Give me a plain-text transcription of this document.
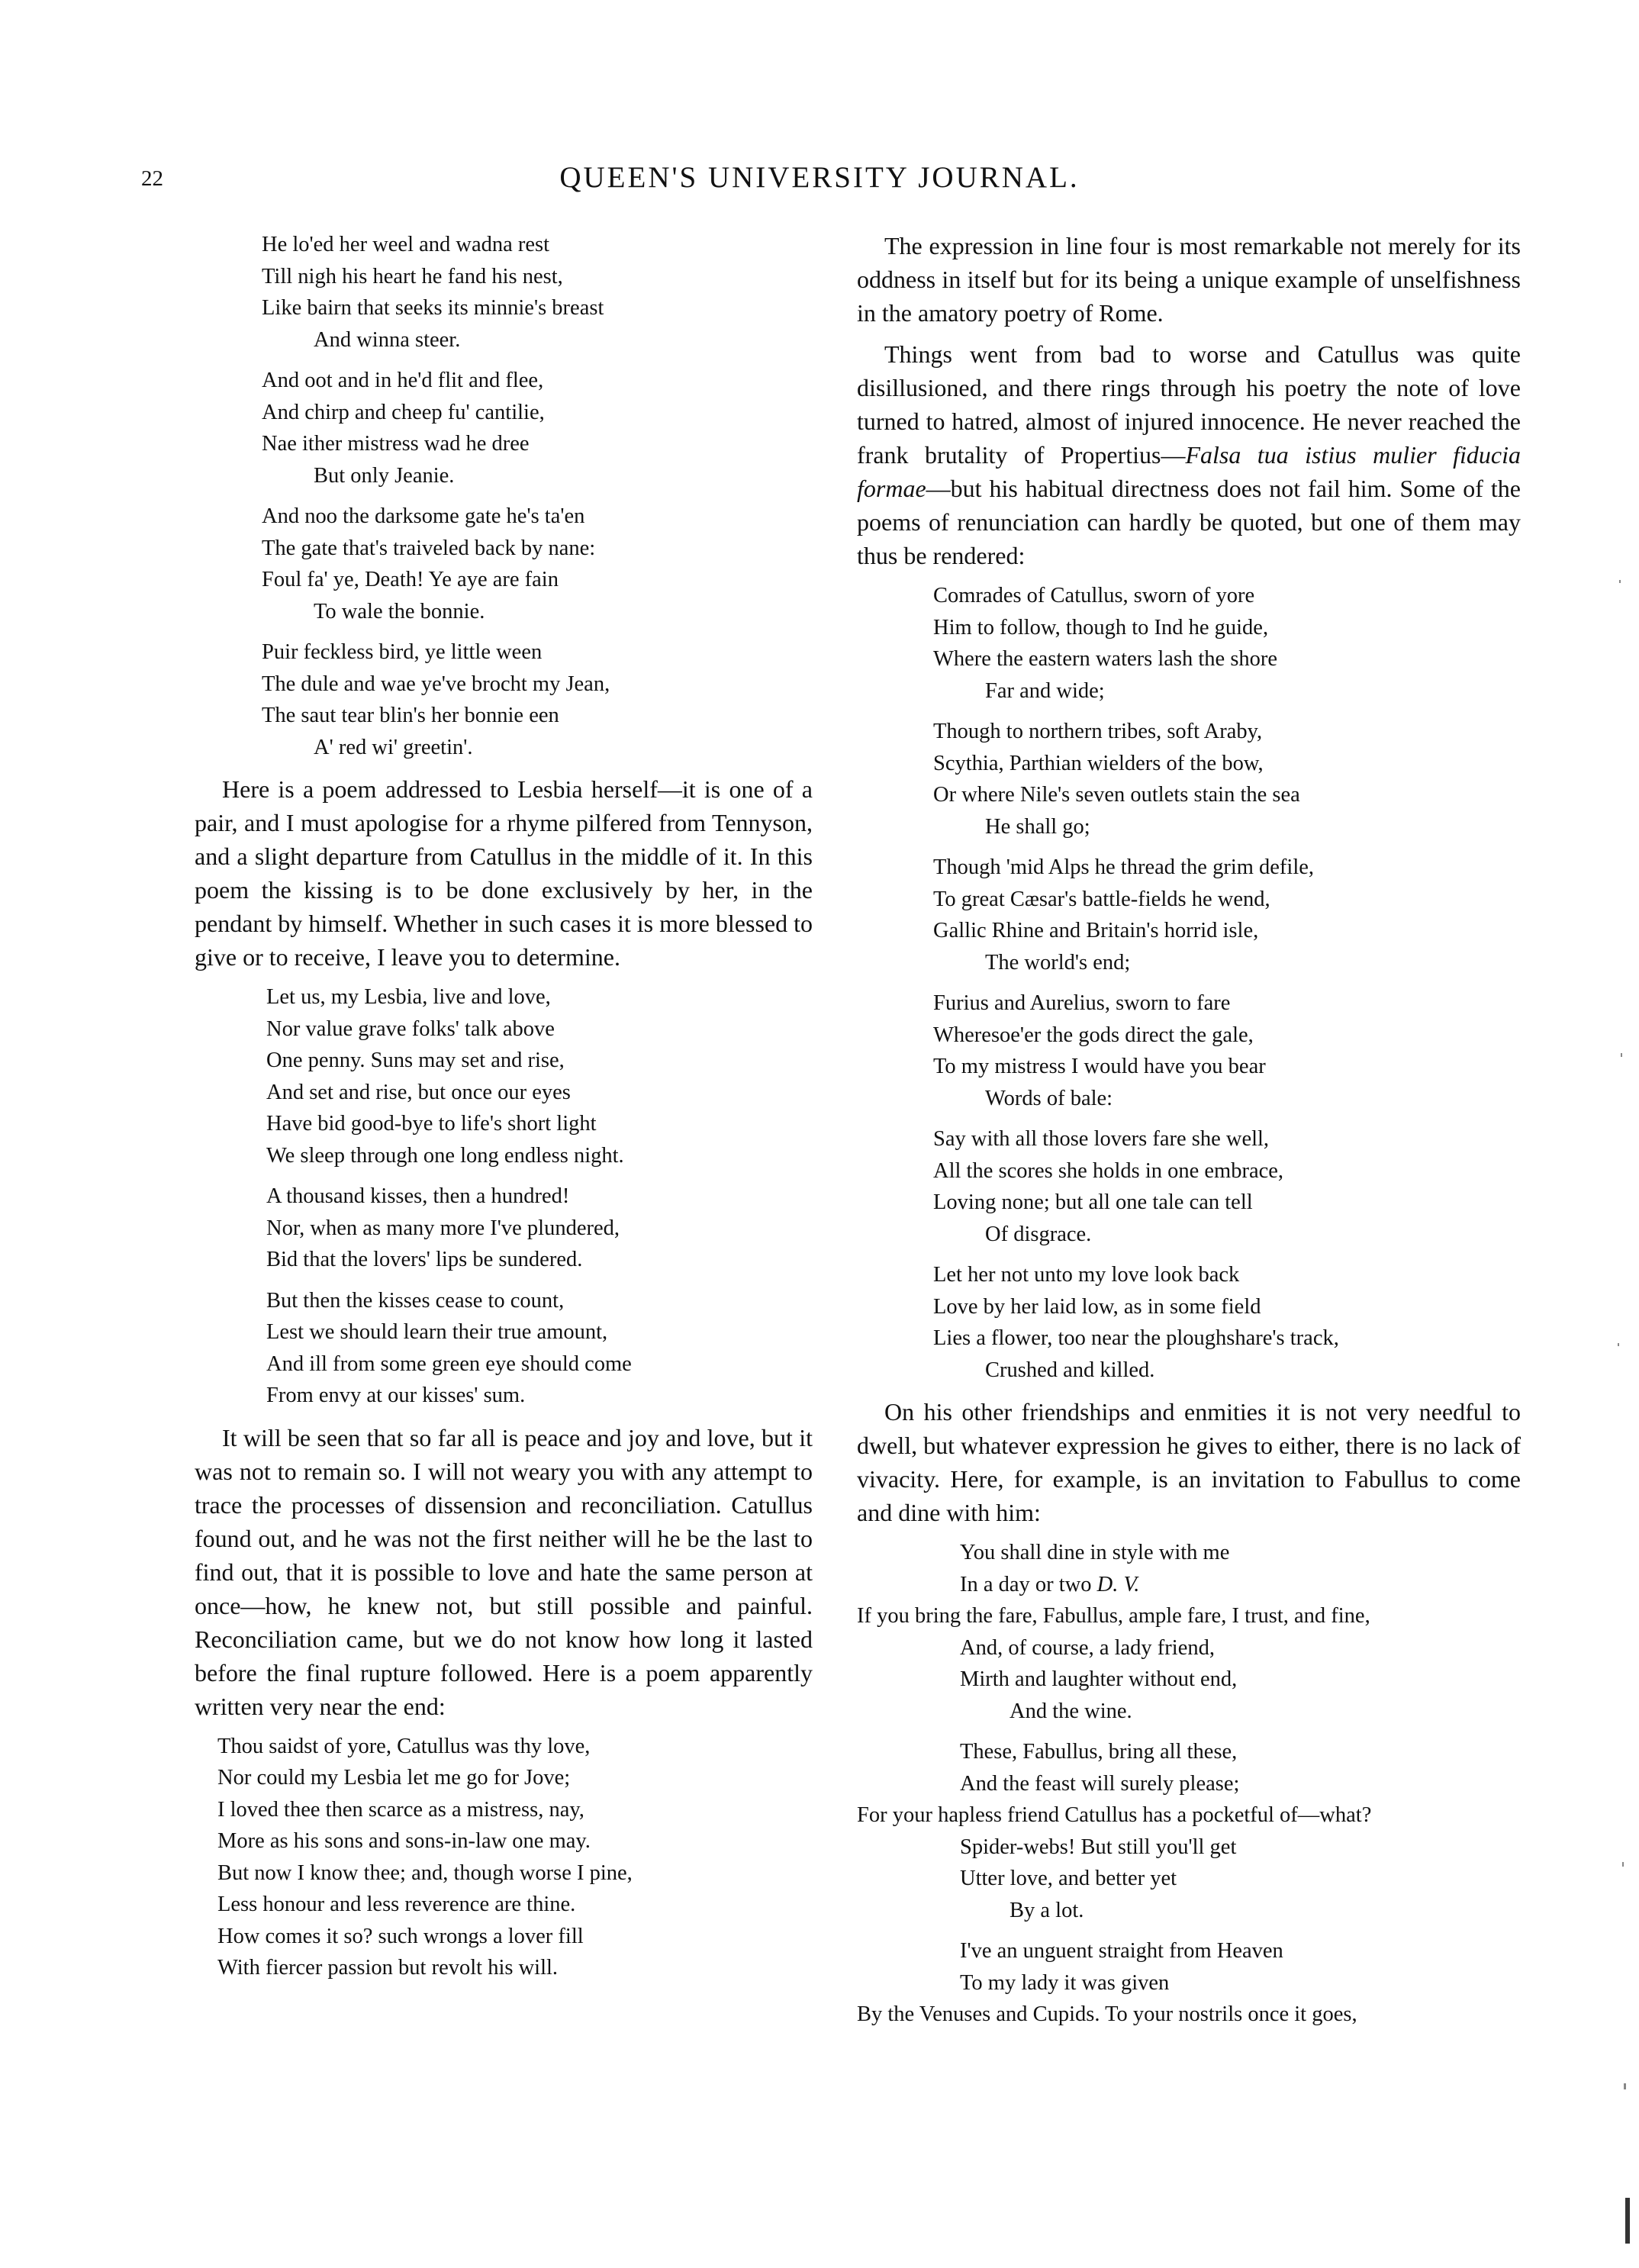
22	QUEEN'S UNIVERSITY JOURNAL.
He lo'ed her weel and wadna rest
Till nigh his heart he fand his nest,
Like bairn that seeks its minnie's breast
And winna steer.
And oot and in he'd flit and flee,
And chirp and cheep fu' cantilie,
Nae ither mistress wad he dree
But only Jeanie.
And noo the darksome gate he's ta'en
The gate that's traiveled back by nane:
Foul fa' ye, Death! Ye aye are fain
To wale the bonnie.
Puir feckless bird, ye little ween
The dule and wae ye've brocht my Jean,
The saut tear blin's her bonnie een
A' red wi' greetin'.

Here is a poem addressed to Lesbia herself—it is one of a pair, and I must apologise for a rhyme pilfered from Tennyson, and a slight departure from Catullus in the middle of it. In this poem the kissing is to be done exclusively by her, in the pendant by himself. Whether in such cases it is more blessed to give or to receive, I leave you to determine.

Let us, my Lesbia, live and love,
Nor value grave folks' talk above
One penny. Suns may set and rise,
And set and rise, but once our eyes
Have bid good-bye to life's short light
We sleep through one long endless night.
A thousand kisses, then a hundred!
Nor, when as many more I've plundered,
Bid that the lovers' lips be sundered.
But then the kisses cease to count,
Lest we should learn their true amount,
And ill from some green eye should come
From envy at our kisses' sum.

It will be seen that so far all is peace and joy and love, but it was not to remain so. I will not weary you with any attempt to trace the processes of dissension and reconciliation. Catullus found out, and he was not the first neither will he be the last to find out, that it is possible to love and hate the same person at once—how, he knew not, but still possible and painful. Reconciliation came, but we do not know how long it lasted before the final rupture followed. Here is a poem apparently written very near the end:

Thou saidst of yore, Catullus was thy love,
Nor could my Lesbia let me go for Jove;
I loved thee then scarce as a mistress, nay,
More as his sons and sons-in-law one may.
But now I know thee; and, though worse I pine,
Less honour and less reverence are thine.
How comes it so? such wrongs a lover fill
With fiercer passion but revolt his will.

The expression in line four is most remarkable not merely for its oddness in itself but for its being a unique example of unselfishness in the amatory poetry of Rome.

Things went from bad to worse and Catullus was quite disillusioned, and there rings through his poetry the note of love turned to hatred, almost of injured innocence. He never reached the frank brutality of Propertius—Falsa tua istius mulier fiducia formae—but his habitual directness does not fail him. Some of the poems of renunciation can hardly be quoted, but one of them may thus be rendered:

Comrades of Catullus, sworn of yore
Him to follow, though to Ind he guide,
Where the eastern waters lash the shore
Far and wide;
Though to northern tribes, soft Araby,
Scythia, Parthian wielders of the bow,
Or where Nile's seven outlets stain the sea
He shall go;
Though 'mid Alps he thread the grim defile,
To great Cæsar's battle-fields he wend,
Gallic Rhine and Britain's horrid isle,
The world's end;
Furius and Aurelius, sworn to fare
Wheresoe'er the gods direct the gale,
To my mistress I would have you bear
Words of bale:
Say with all those lovers fare she well,
All the scores she holds in one embrace,
Loving none; but all one tale can tell
Of disgrace.
Let her not unto my love look back
Love by her laid low, as in some field
Lies a flower, too near the ploughshare's track,
Crushed and killed.

On his other friendships and enmities it is not very needful to dwell, but whatever expression he gives to either, there is no lack of vivacity. Here, for example, is an invitation to Fabullus to come and dine with him:

You shall dine in style with me
In a day or two D. V.
If you bring the fare, Fabullus, ample fare, I trust, and fine,
And, of course, a lady friend,
Mirth and laughter without end,
And the wine.
These, Fabullus, bring all these,
And the feast will surely please;
For your hapless friend Catullus has a pocketful of—what?
Spider-webs! But still you'll get
Utter love, and better yet
By a lot.
I've an unguent straight from Heaven
To my lady it was given
By the Venuses and Cupids. To your nostrils once it goes,
